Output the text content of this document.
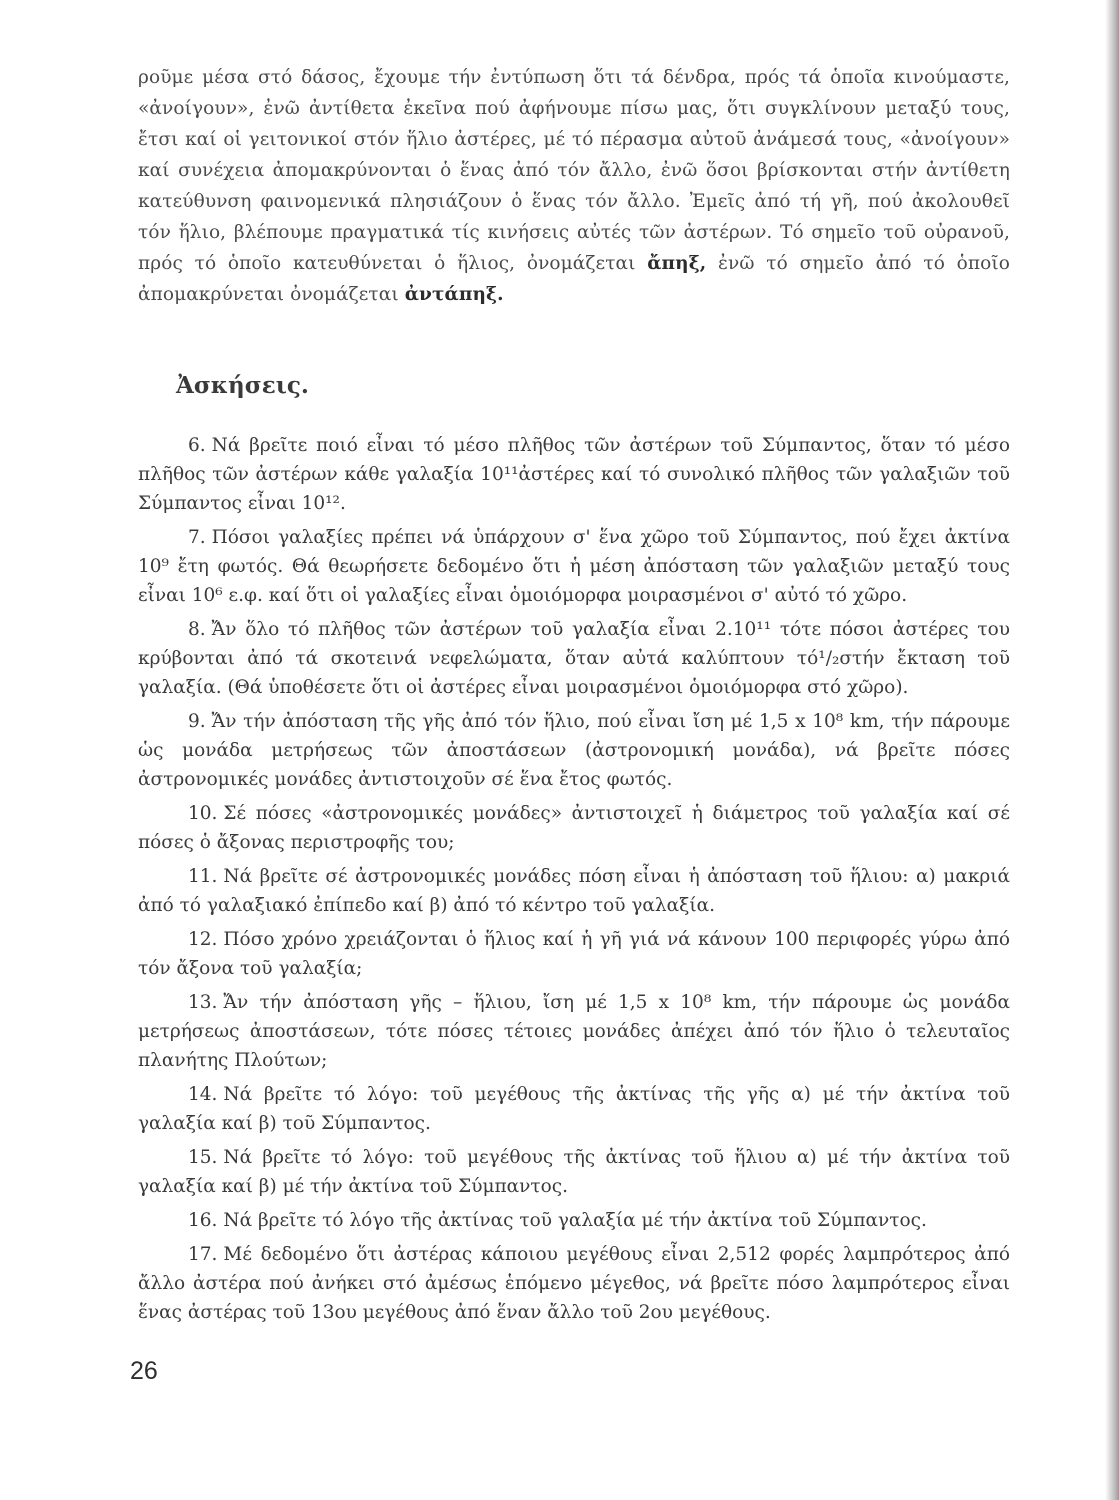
ροῦμε μέσα στό δάσος, ἔχουμε τήν ἐντύπωση ὅτι τά δένδρα, πρός τά ὁποῖα κινούμαστε, «ἀνοίγουν», ἐνῶ ἀντίθετα ἐκεῖνα πού ἀφήνουμε πίσω μας, ὅτι συγκλίνουν μεταξύ τους, ἔτσι καί οἱ γειτονικοί στόν ἥλιο ἀστέρες, μέ τό πέρασμα αὐτοῦ ἀνάμεσά τους, «ἀνοίγουν» καί συνέχεια ἀπομακρύνονται ὁ ἕνας ἀπό τόν ἄλλο, ἐνῶ ὅσοι βρίσκονται στήν ἀντίθετη κατεύθυνση φαινομενικά πλησιάζουν ὁ ἕνας τόν ἄλλο. Ἐμεῖς ἀπό τή γῆ, πού ἀκολουθεῖ τόν ἥλιο, βλέπουμε πραγματικά τίς κινήσεις αὐτές τῶν ἀστέρων. Τό σημεῖο τοῦ οὐρανοῦ, πρός τό ὁποῖο κατευθύνεται ὁ ἥλιος, ὀνομάζεται ἄπηξ, ἐνῶ τό σημεῖο ἀπό τό ὁποῖο ἀπομακρύνεται ὀνομάζεται ἀντάπηξ.

Ἀσκήσεις.

6. Νά βρεῖτε ποιό εἶναι τό μέσο πλῆθος τῶν ἀστέρων τοῦ Σύμπαντος, ὅταν τό μέσο πλῆθος τῶν ἀστέρων κάθε γαλαξία 10¹¹ἀστέρες καί τό συνολικό πλῆθος τῶν γαλαξιῶν τοῦ Σύμπαντος εἶναι 10¹².

7. Πόσοι γαλαξίες πρέπει νά ὑπάρχουν σ' ἕνα χῶρο τοῦ Σύμπαντος, πού ἔχει ἀκτίνα 10⁹ ἔτη φωτός. Θά θεωρήσετε δεδομένο ὅτι ἡ μέση ἀπόσταση τῶν γαλαξιῶν μεταξύ τους εἶναι 10⁶ ε.φ. καί ὅτι οἱ γαλαξίες εἶναι ὁμοιόμορφα μοιρασμένοι σ' αὐτό τό χῶρο.

8. Ἄν ὅλο τό πλῆθος τῶν ἀστέρων τοῦ γαλαξία εἶναι 2.10¹¹ τότε πόσοι ἀστέρες του κρύβονται ἀπό τά σκοτεινά νεφελώματα, ὅταν αὐτά καλύπτουν τό¹/₂στήν ἔκταση τοῦ γαλαξία. (Θά ὑποθέσετε ὅτι οἱ ἀστέρες εἶναι μοιρασμένοι ὁμοιόμορφα στό χῶρο).

9. Ἄν τήν ἀπόσταση τῆς γῆς ἀπό τόν ἥλιο, πού εἶναι ἴση μέ 1,5 x 10⁸ km, τήν πάρουμε ὡς μονάδα μετρήσεως τῶν ἀποστάσεων (ἀστρονομική μονάδα), νά βρεῖτε πόσες ἀστρονομικές μονάδες ἀντιστοιχοῦν σέ ἕνα ἔτος φωτός.

10. Σέ πόσες «ἀστρονομικές μονάδες» ἀντιστοιχεῖ ἡ διάμετρος τοῦ γαλαξία καί σέ πόσες ὁ ἄξονας περιστροφῆς του;

11. Νά βρεῖτε σέ ἀστρονομικές μονάδες πόση εἶναι ἡ ἀπόσταση τοῦ ἥλιου: α) μακριά ἀπό τό γαλαξιακό ἐπίπεδο καί β) ἀπό τό κέντρο τοῦ γαλαξία.

12. Πόσο χρόνο χρειάζονται ὁ ἥλιος καί ἡ γῆ γιά νά κάνουν 100 περιφορές γύρω ἀπό τόν ἄξονα τοῦ γαλαξία;

13. Ἄν τήν ἀπόσταση γῆς – ἥλιου, ἴση μέ 1,5 x 10⁸ km, τήν πάρουμε ὡς μονάδα μετρήσεως ἀποστάσεων, τότε πόσες τέτοιες μονάδες ἀπέχει ἀπό τόν ἥλιο ὁ τελευταῖος πλανήτης Πλούτων;

14. Νά βρεῖτε τό λόγο: τοῦ μεγέθους τῆς ἀκτίνας τῆς γῆς α) μέ τήν ἀκτίνα τοῦ γαλαξία καί β) τοῦ Σύμπαντος.

15. Νά βρεῖτε τό λόγο: τοῦ μεγέθους τῆς ἀκτίνας τοῦ ἥλιου α) μέ τήν ἀκτίνα τοῦ γαλαξία καί β) μέ τήν ἀκτίνα τοῦ Σύμπαντος.

16. Νά βρεῖτε τό λόγο τῆς ἀκτίνας τοῦ γαλαξία μέ τήν ἀκτίνα τοῦ Σύμπαντος.

17. Μέ δεδομένο ὅτι ἀστέρας κάποιου μεγέθους εἶναι 2,512 φορές λαμπρότερος ἀπό ἄλλο ἀστέρα πού ἀνήκει στό ἀμέσως ἑπόμενο μέγεθος, νά βρεῖτε πόσο λαμπρότερος εἶναι ἕνας ἀστέρας τοῦ 13ου μεγέθους ἀπό ἕναν ἄλλο τοῦ 2ου μεγέθους.

26
